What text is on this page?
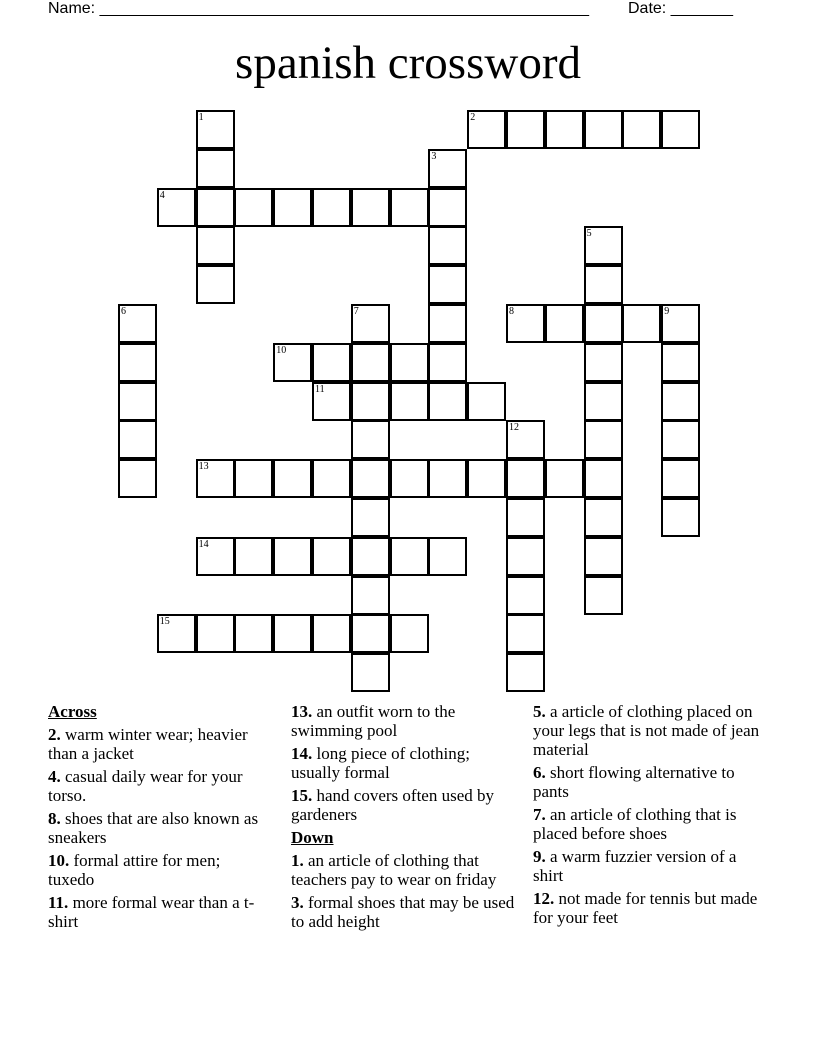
Name: _______________________________________________________ Date: _______
spanish crossword
1	2
3
4
5
6	7	8	9
10
11
12
13
14
15
Across
2. warm winter wear; heavier than a jacket
4. casual daily wear for your torso.
8. shoes that are also known as sneakers
10. formal attire for men; tuxedo
11. more formal wear than a t-shirt
13. an outfit worn to the swimming pool
14. long piece of clothing; usually formal
15. hand covers often used by gardeners
Down
1. an article of clothing that teachers pay to wear on friday
3. formal shoes that may be used to add height
5. a article of clothing placed on your legs that is not made of jean material
6. short flowing alternative to pants
7. an article of clothing that is placed before shoes
9. a warm fuzzier version of a shirt
12. not made for tennis but made for your feet
